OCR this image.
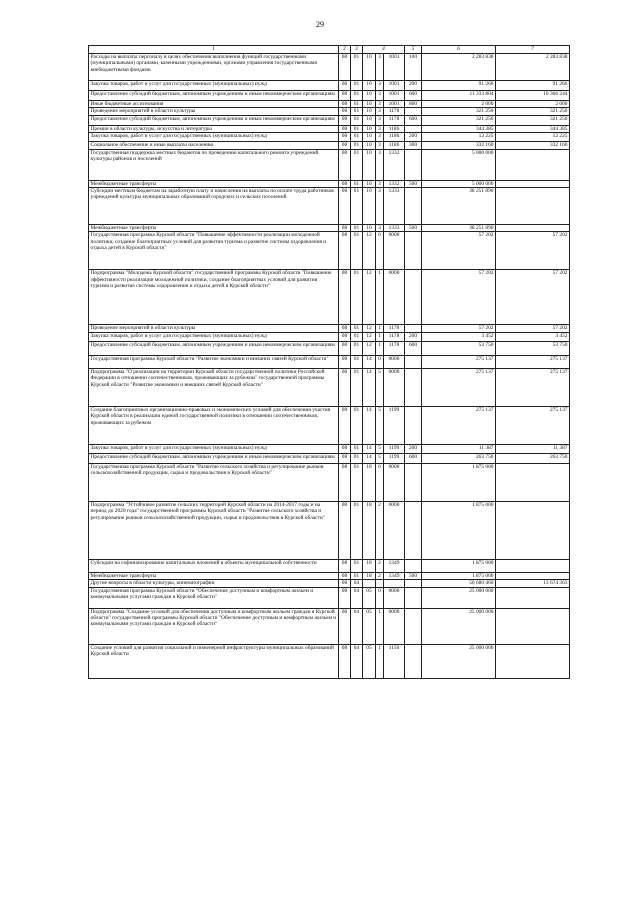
29
1	2	3	4			5	6	7
Расходы на выплаты персоналу в целях обеспечения выполнения функций государственными (муниципальными) органами, казенными учреждениями, органами управления государственными внебюджетными фондами	08	01	10	3	1001	100	2 283 838	2 283 838
Закупка товаров, работ и услуг для государственных (муниципальных) нужд	08	01	10	3	1001	200	91 266	91 266
Предоставление субсидий бюджетным, автономным учреждениям и иным некоммерческим организациям	08	01	10	3	1001	600	11 333 804	10 366 244
Иные бюджетные ассигнования	08	01	10	3	1001	800	2 000	2 000
Проведение мероприятий в области культуры	08	01	10	3	1178		321 250	321 250
Предоставление субсидий бюджетным, автономным учреждениям и иным некоммерческим организациям	08	01	10	3	1178	600	321 250	321 250
Премии в области культуры, искусства и литературы	08	01	10	3	1186		344 385	344 385
Закупка товаров, работ и услуг для государственных (муниципальных) нужд	08	01	10	3	1186	200	12 225	12 225
Социальное обеспечение и иные выплаты населению	08	01	10	3	1186	300	332 160	332 160
Государственная поддержка местных бюджетов по проведению капитального ремонта учреждений культуры районов и поселений	08	01	10	3	1332		5 000 000	
Межбюджетные трансферты	08	01	10	3	1332	500	5 000 000	
Субсидии местным бюджетам на заработную плату и начисления на выплаты по оплате труда работников учреждений культуры муниципальных образований городских и сельских поселений	08	01	10	3	1333		38 251 890	
Межбюджетные трансферты	08	01	10	3	1333	500	38 251 890	
Государственная программа Курской области "Повышение эффективности реализации молодежной политики, создание благоприятных условий для развития туризма и развитие системы оздоровления и отдыха детей в Курской области"	08	01	12	0	0000		57 202	57 202
Подпрограмма "Молодежь Курской области" государственной программы Курской области "Повышение эффективности реализации молодежной политики, создание благоприятных условий для развития туризма и развитие системы оздоровления и отдыха детей в Курской области"	08	01	12	1	0000		57 202	57 202
Проведение мероприятий в области культуры	08	01	12	1	1178		57 202	57 202
Закупка товаров, работ и услуг для государственных (муниципальных) нужд	08	01	12	1	1178	200	3 452	3 452
Предоставление субсидий бюджетным, автономным учреждениям и иным некоммерческим организациям	08	01	12	1	1178	600	53 750	53 750
Государственная программа Курской области "Развитие экономики и внешних связей Курской области"	08	01	14	0	0000		275 137	275 137
Подпрограмма "О реализации на территории Курской области государственной политики Российской Федерации в отношении соотечественников, проживающих за рубежом" государственной программы Курской области "Развитие экономики и внешних связей Курской области"	08	01	14	5	0000		275 137	275 137
Создание благоприятных организационно-правовых и экономических условий для обеспечения участия Курской области в реализации единой государственной политики в отношении соотечественников, проживающих за рубежом	08	01	14	5	1199		275 137	275 137
Закупка товаров, работ и услуг для государственных (муниципальных) нужд	08	01	14	5	1199	200	11 387	11 387
Предоставление субсидий бюджетным, автономным учреждениям и иным некоммерческим организациям	08	01	14	5	1199	600	263 750	263 750
Государственная программа Курской области "Развитие сельского хозяйства и регулирование рынков сельскохозяйственной продукции, сырья и продовольствия в Курской области"	08	01	18	0	0000		1 875 000	
Подпрограмма "Устойчивое развитие сельских территорий Курской области на 2014-2017 годы и на период до 2020 года" государственной программы Курской области "Развитие сельского хозяйства и регулирование рынков сельскохозяйственной продукции, сырья и продовольствия в Курской области"	08	01	18	2	0000		1 875 000	
Субсидии на софинансирование капитальных вложений в объекты муниципальной собственности	08	01	18	2	1349		1 875 000	
Межбюджетные трансферты	08	01	18	2	1349	500	1 875 000	
Другие вопросы в области культуры, кинематографии	08	04					50 680 460	13 674 363
Государственная программа Курской области "Обеспечение доступным и комфортным жильем и коммунальными услугами граждан в Курской области"	08	04	05	0	0000		25 000 000	
Подпрограмма "Создание условий для обеспечения доступным и комфортным жильем граждан в Курской области" государственной программы Курской области "Обеспечение доступным и комфортным жильем и коммунальными услугами граждан в Курской области"	08	04	05	1	0000		25 000 000	
Создание условий для развития социальной и инженерной инфраструктуры муниципальных образований Курской области	08	04	05	1	1150		25 000 000	
